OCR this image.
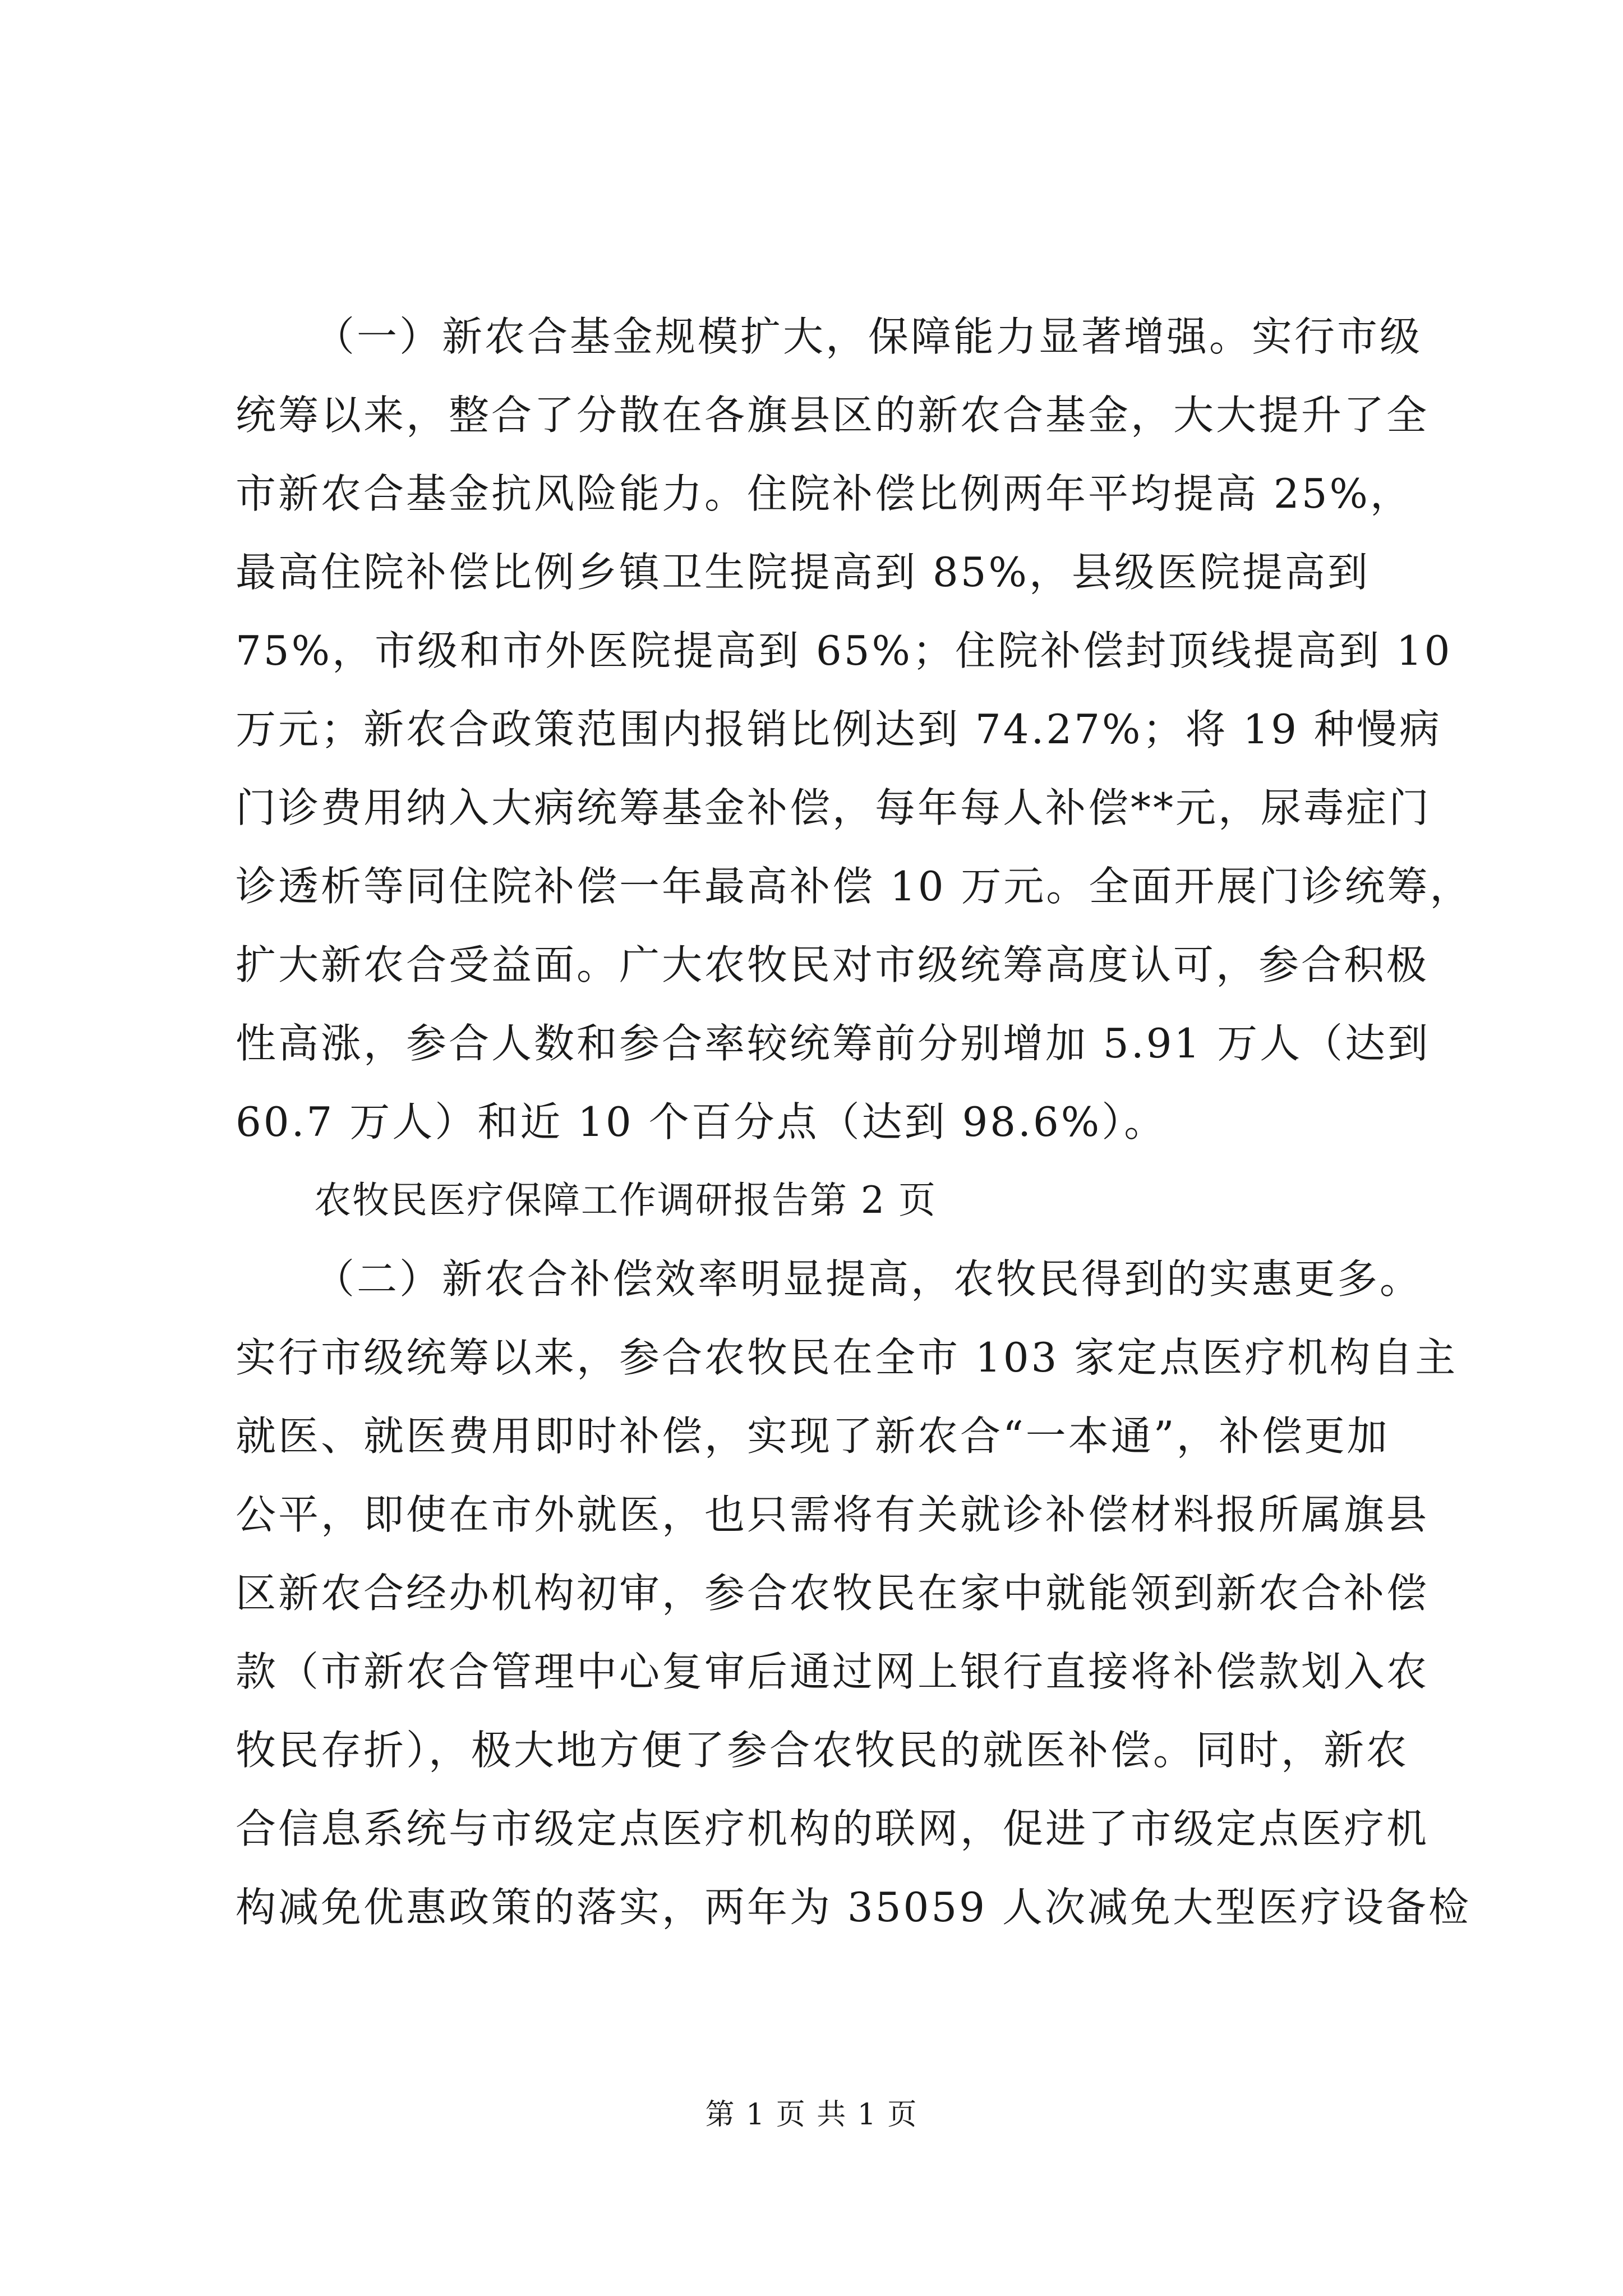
（一）新农合基金规模扩大，保障能力显著增强。实行市级
统筹以来，整合了分散在各旗县区的新农合基金，大大提升了全
市新农合基金抗风险能力。住院补偿比例两年平均提高 25%，
最高住院补偿比例乡镇卫生院提高到 85%，县级医院提高到
75%，市级和市外医院提高到 65%；住院补偿封顶线提高到 10
万元；新农合政策范围内报销比例达到 74.27%；将 19 种慢病
门诊费用纳入大病统筹基金补偿，每年每人补偿**元，尿毒症门
诊透析等同住院补偿一年最高补偿 10 万元。全面开展门诊统筹，
扩大新农合受益面。广大农牧民对市级统筹高度认可，参合积极
性高涨，参合人数和参合率较统筹前分别增加 5.91 万人（达到
60.7 万人）和近 10 个百分点（达到 98.6%）。
农牧民医疗保障工作调研报告第 2 页
（二）新农合补偿效率明显提高，农牧民得到的实惠更多。
实行市级统筹以来，参合农牧民在全市 103 家定点医疗机构自主
就医、就医费用即时补偿，实现了新农合“一本通”，补偿更加
公平，即使在市外就医，也只需将有关就诊补偿材料报所属旗县
区新农合经办机构初审，参合农牧民在家中就能领到新农合补偿
款（市新农合管理中心复审后通过网上银行直接将补偿款划入农
牧民存折），极大地方便了参合农牧民的就医补偿。同时，新农
合信息系统与市级定点医疗机构的联网，促进了市级定点医疗机
构减免优惠政策的落实，两年为 35059 人次减免大型医疗设备检
第 1 页 共 1 页
